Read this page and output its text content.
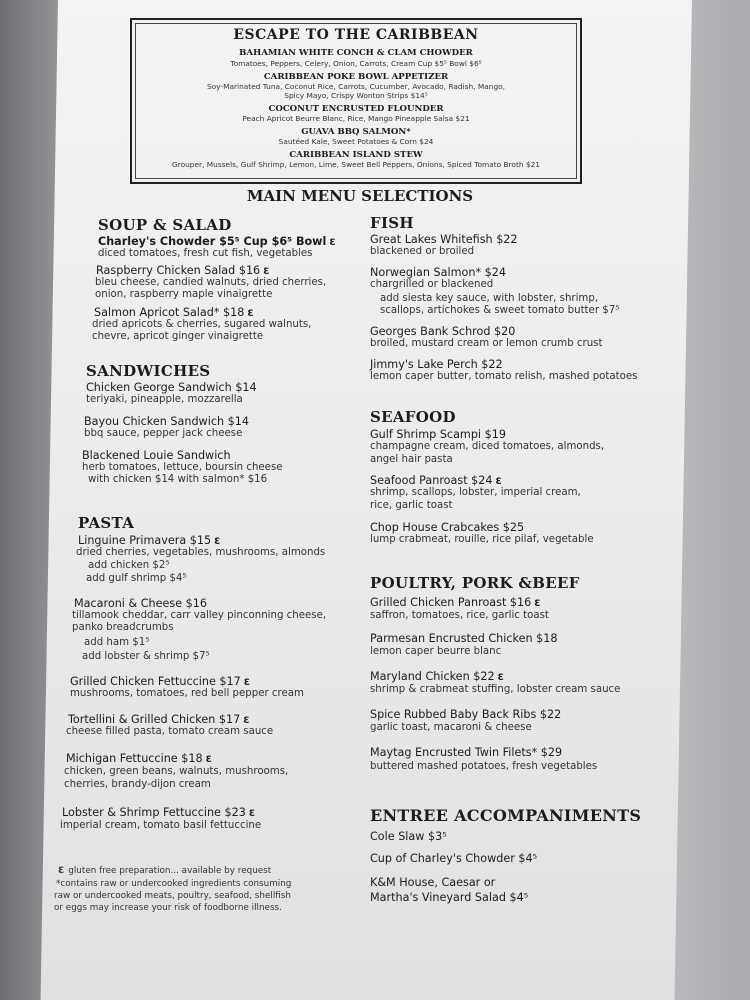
ESCAPE TO THE CARIBBEAN
BAHAMIAN WHITE CONCH & CLAM CHOWDER
Tomatoes, Peppers, Celery, Onion, Carrots, Cream Cup $5⁵ Bowl $6⁵
CARIBBEAN POKE BOWL APPETIZER
Soy-Marinated Tuna, Coconut Rice, Carrots, Cucumber, Avocado, Radish, Mango,
Spicy Mayo, Crispy Wonton Strips $14⁵
COCONUT ENCRUSTED FLOUNDER
Peach Apricot Beurre Blanc, Rice, Mango Pineapple Salsa $21
GUAVA BBQ SALMON*
Sautéed Kale, Sweet Potatoes & Corn $24
CARIBBEAN ISLAND STEW
Grouper, Mussels, Gulf Shrimp, Lemon, Lime, Sweet Bell Peppers, Onions, Spiced Tomato Broth $21
MAIN MENU SELECTIONS
SOUP & SALAD
Charley's Chowder $5⁵ Cup $6⁵ Bowl Ɛ
diced tomatoes, fresh cut fish, vegetables
Raspberry Chicken Salad $16 Ɛ
bleu cheese, candied walnuts, dried cherries,
onion, raspberry maple vinaigrette
Salmon Apricot Salad* $18 Ɛ
dried apricots & cherries, sugared walnuts,
chevre, apricot ginger vinaigrette
SANDWICHES
Chicken George Sandwich $14
teriyaki, pineapple, mozzarella
Bayou Chicken Sandwich $14
bbq sauce, pepper jack cheese
Blackened Louie Sandwich
herb tomatoes, lettuce, boursin cheese
with chicken $14 with salmon* $16
PASTA
Linguine Primavera $15 Ɛ
dried cherries, vegetables, mushrooms, almonds
add chicken $2⁵
add gulf shrimp $4⁵
Macaroni & Cheese $16
tillamook cheddar, carr valley pinconning cheese,
panko breadcrumbs
add ham $1⁵
add lobster & shrimp $7⁵
Grilled Chicken Fettuccine $17 Ɛ
mushrooms, tomatoes, red bell pepper cream
Tortellini & Grilled Chicken $17 Ɛ
cheese filled pasta, tomato cream sauce
Michigan Fettuccine $18 Ɛ
chicken, green beans, walnuts, mushrooms,
cherries, brandy-dijon cream
Lobster & Shrimp Fettuccine $23 Ɛ
imperial cream, tomato basil fettuccine
Ɛ gluten free preparation... available by request
*contains raw or undercooked ingredients consuming
raw or undercooked meats, poultry, seafood, shellfish
or eggs may increase your risk of foodborne illness.
FISH
Great Lakes Whitefish $22
blackened or broiled
Norwegian Salmon* $24
chargrilled or blackened
add siesta key sauce, with lobster, shrimp,
scallops, artichokes & sweet tomato butter $7⁵
Georges Bank Schrod $20
broiled, mustard cream or lemon crumb crust
Jimmy's Lake Perch $22
lemon caper butter, tomato relish, mashed potatoes
SEAFOOD
Gulf Shrimp Scampi $19
champagne cream, diced tomatoes, almonds,
angel hair pasta
Seafood Panroast $24 Ɛ
shrimp, scallops, lobster, imperial cream,
rice, garlic toast
Chop House Crabcakes $25
lump crabmeat, rouille, rice pilaf, vegetable
POULTRY, PORK &BEEF
Grilled Chicken Panroast $16 Ɛ
saffron, tomatoes, rice, garlic toast
Parmesan Encrusted Chicken $18
lemon caper beurre blanc
Maryland Chicken $22 Ɛ
shrimp & crabmeat stuffing, lobster cream sauce
Spice Rubbed Baby Back Ribs $22
garlic toast, macaroni & cheese
Maytag Encrusted Twin Filets* $29
buttered mashed potatoes, fresh vegetables
ENTREE ACCOMPANIMENTS
Cole Slaw $3⁵
Cup of Charley's Chowder $4⁵
K&M House, Caesar or
Martha's Vineyard Salad $4⁵
